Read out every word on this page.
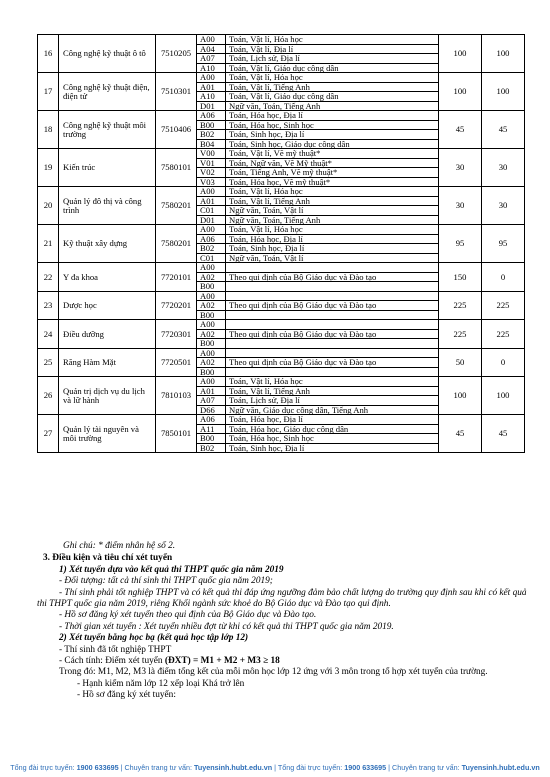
16	Công nghệ kỹ thuật ô tô	7510205	A00	Toán, Vật lí, Hóa học	100	100
			A04	Toán, Vật lí, Địa lí		
			A07	Toán, Lịch sử, Địa lí		
			A10	Toán, Vật lí, Giáo dục công dân		
17	Công nghệ kỹ thuật điện, điện tử	7510301	A00	Toán, Vật lí, Hóa học	100	100
			A01	Toán, Vật lí, Tiếng Anh		
			A10	Toán, Vật lí, Giáo dục công dân		
			D01	Ngữ văn, Toán, Tiếng Anh		
18	Công nghệ kỹ thuật môi trường	7510406	A06	Toán, Hóa học, Địa lí	45	45
			B00	Toán, Hóa học, Sinh học		
			B02	Toán, Sinh học, Địa lí		
			B04	Toán, Sinh học, Giáo dục công dân		
19	Kiến trúc	7580101	V00	Toán, Vật lí, Vẽ mỹ thuật*	30	30
			V01	Toán, Ngữ văn, Vẽ Mỹ thuật*		
			V02	Toán, Tiếng Anh, Vẽ mỹ thuật*		
			V03	Toán, Hóa học, Vẽ mỹ thuật*		
20	Quản lý đô thị và công trình	7580201	A00	Toán, Vật lí, Hóa học	30	30
			A01	Toán, Vật lí, Tiếng Anh		
			C01	Ngữ văn, Toán, Vật lí		
			D01	Ngữ văn, Toán, Tiếng Anh		
21	Kỹ thuật xây dựng	7580201	A00	Toán, Vật lí, Hóa học	95	95
			A06	Toán, Hóa học, Địa lí		
			B02	Toán, Sinh học, Địa lí		
			C01	Ngữ văn, Toán, Vật lí		
22	Y đa khoa	7720101	A00		150	0
			A02	Theo qui định của Bộ Giáo dục và Đào tạo		
			B00			
23	Dược học	7720201	A00		225	225
			A02	Theo qui định của Bộ Giáo dục và Đào tạo		
			B00			
24	Điều dưỡng	7720301	A00		225	225
			A02	Theo qui định của Bộ Giáo dục và Đào tạo		
			B00			
25	Răng Hàm Mặt	7720501	A00		50	0
			A02	Theo qui định của Bộ Giáo dục và Đào tạo		
			B00			
26	Quản trị dịch vụ du lịch và lữ hành	7810103	A00	Toán, Vật lí, Hóa học	100	100
			A01	Toán, Vật lí, Tiếng Anh		
			A07	Toán, Lịch sử, Địa lí		
			D66	Ngữ văn, Giáo dục công dân, Tiếng Anh		
27	Quản lý tài nguyên và môi trường	7850101	A06	Toán, Hóa học, Địa lí	45	45
			A11	Toán, Hóa học, Giáo dục công dân		
			B00	Toán, Hóa học, Sinh học		
			B02	Toán, Sinh học, Địa lí		

Ghi chú: * điểm nhân hệ số 2.

3. Điều kiện và tiêu chí xét tuyển

1) Xét tuyển dựa vào kết quả thi THPT quốc gia năm 2019

- Đối tượng: tất cả thí sinh thi THPT quốc gia năm 2019;

- Thí sinh phải tốt nghiệp THPT và có kết quả thi đáp ứng ngưỡng đảm bảo chất lượng do trường quy định sau khi có kết quả thi THPT quốc gia năm 2019, riêng Khối ngành sức khoẻ do Bộ Giáo dục và Đào tạo qui định.

- Hồ sơ đăng ký xét tuyển theo qui định của Bộ Giáo dục và Đào tạo.

- Thời gian xét tuyển : Xét tuyển nhiều đợt từ khi có kết quả thi THPT quốc gia năm 2019.

2) Xét tuyển bằng học bạ (kết quả học tập lớp 12)

- Thí sinh đã tốt nghiệp THPT

- Cách tính: Điểm xét tuyển (ĐXT) = M1 + M2 + M3 ≥ 18

Trong đó: M1, M2, M3 là điểm tổng kết của mỗi môn học lớp 12 ứng với 3 môn trong tổ hợp xét tuyển của trường.

- Hạnh kiểm năm lớp 12 xếp loại Khá trở lên

- Hồ sơ đăng ký xét tuyển:

Tổng đài trực tuyến: 1900 633695 | Chuyên trang tư vấn: Tuyensinh.hubt.edu.vn | Tổng đài trực tuyến: 1900 633695 | Chuyên trang tư vấn: Tuyensinh.hubt.edu.vn
